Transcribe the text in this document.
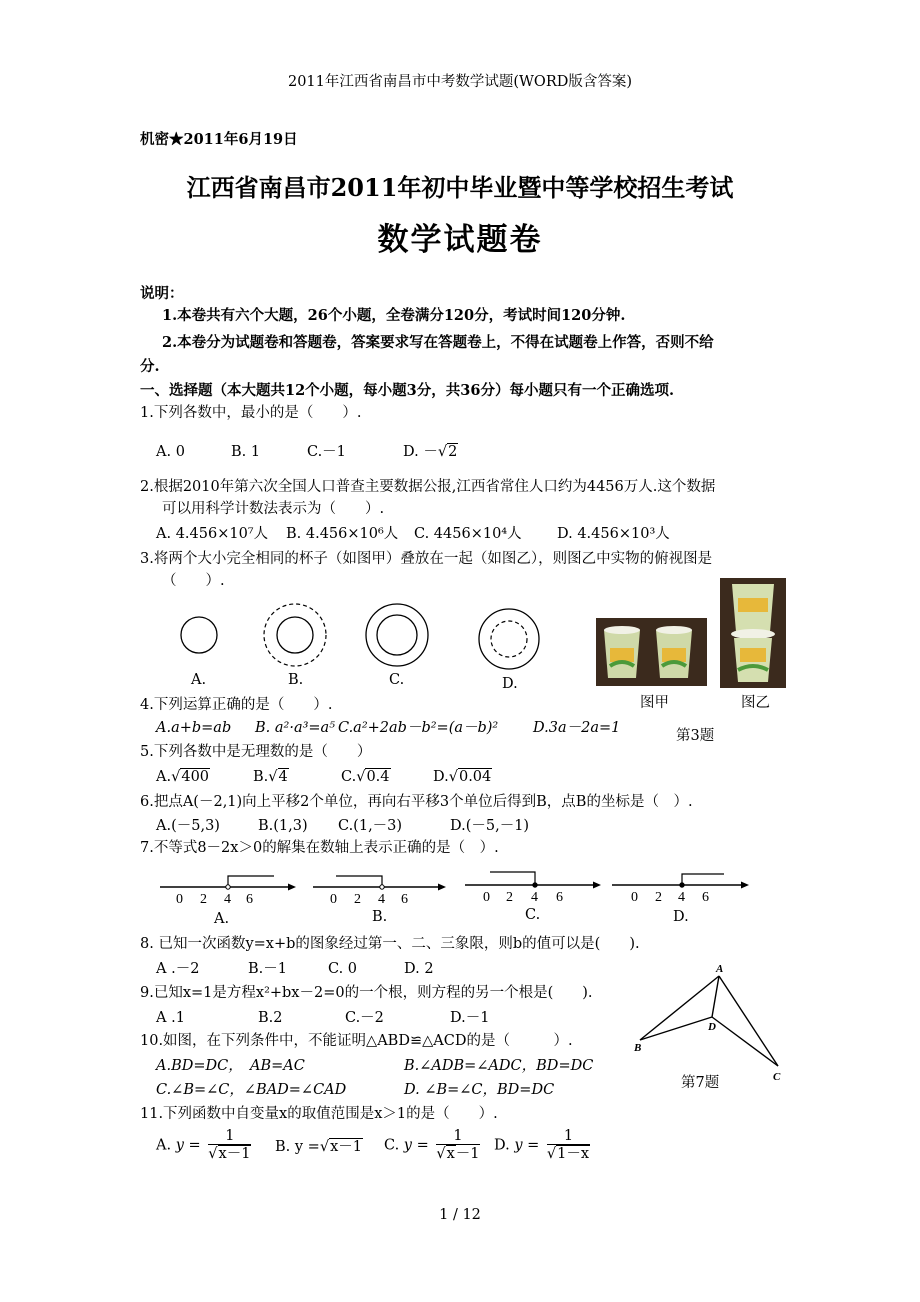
2011年江西省南昌市中考数学试题(WORD版含答案)
机密★2011年6月19日
江西省南昌市2011年初中毕业暨中等学校招生考试
数学试题卷
说明：
1.本卷共有六个大题，26个小题，全卷满分120分，考试时间120分钟.
2.本卷分为试题卷和答题卷，答案要求写在答题卷上，不得在试题卷上作答，否则不给
分.
一、选择题（本大题共12个小题，每小题3分，共36分）每小题只有一个正确选项.
1.下列各数中，最小的是（　　）.
A. 0	B. 1	C.－1	D. －√2
2.根据2010年第六次全国人口普查主要数据公报,江西省常住人口约为4456万人.这个数据
可以用科学计数法表示为（　　）.
A. 4.456×10⁷人 B. 4.456×10⁶人 C. 4456×10⁴人 D. 4.456×10³人
3.将两个大小完全相同的杯子（如图甲）叠放在一起（如图乙），则图乙中实物的俯视图是
（　　）.
A.	B.	C.	D.
图甲	图乙
第3题
4.下列运算正确的是（　　）.
A.a+b=ab B. a²·a³=a⁵ C.a²+2ab－b²=(a－b)² D.3a－2a=1
5.下列各数中是无理数的是（　　）
A.√400	B.√4	C.√0.4	D.√0.04
6.把点A(－2,1)向上平移2个单位，再向右平移3个单位后得到B，点B的坐标是（　）.
A.(－5,3)	B.(1,3) C.(1,－3)	D.(－5,－1)
7.不等式8－2x＞0的解集在数轴上表示正确的是（　）.
0 2 4 6	0 2 4 6	0 2 4 6	0 2 4 6
A.	B.	C.	D.
8. 已知一次函数y=x+b的图象经过第一、二、三象限，则b的值可以是(　　).
A .－2	B.－1	C. 0	D. 2
9.已知x=1是方程x²+bx－2=0的一个根，则方程的另一个根是(　　).
A .1	B.2	C.－2	D.－1
A
B
D
C
第7题
10.如图，在下列条件中，不能证明△ABD≌△ACD的是（　　　）.
A.BD=DC，　AB=AC	B.∠ADB=∠ADC，BD=DC
C.∠B=∠C，∠BAD=∠CAD	D. ∠B=∠C，BD=DC
11.下列函数中自变量x的取值范围是x＞1的是（　　）.
A. $y = \frac{1}{√x-1} B$. y =√x－1 C. $y = \frac{1}{√x-1} D$. $y = \frac{1}{√1-x}$
1 / 12
